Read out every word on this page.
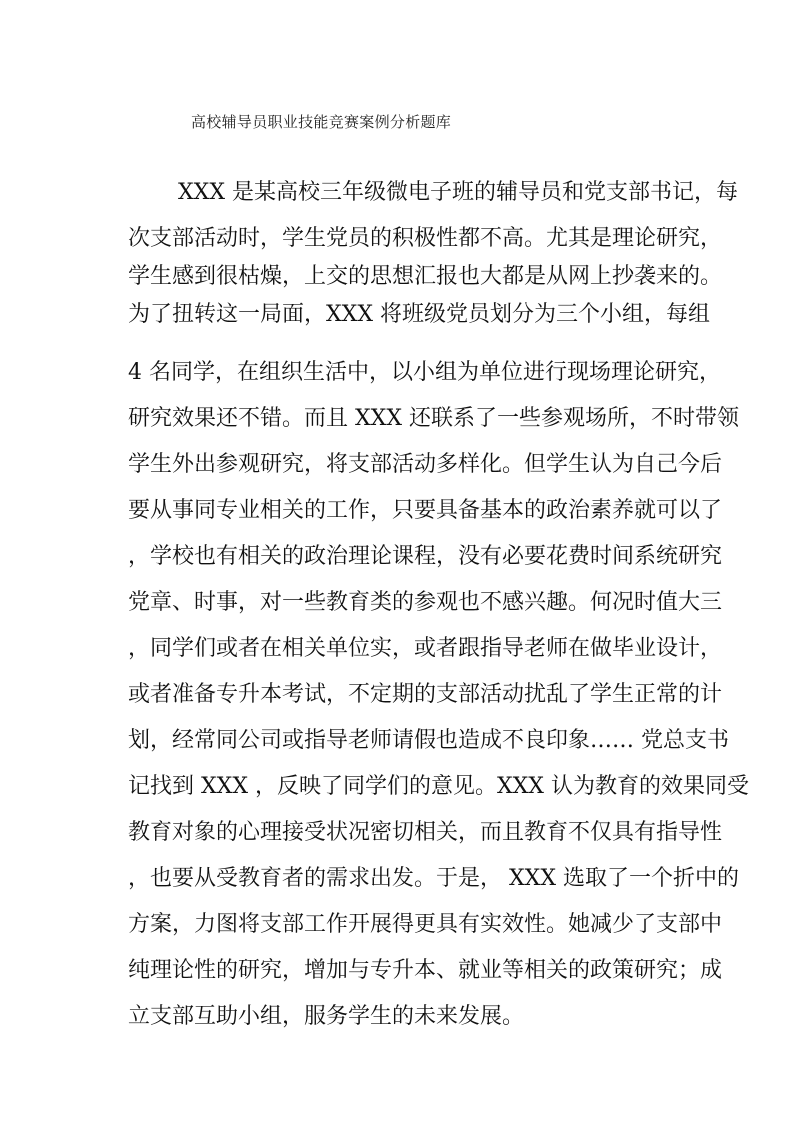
高校辅导员职业技能竞赛案例分析题库
XXX 是某高校三年级微电子班的辅导员和党支部书记，每
次支部活动时，学生党员的积极性都不高。尤其是理论研究，
学生感到很枯燥，上交的思想汇报也大都是从网上抄袭来的。
为了扭转这一局面，XXX 将班级党员划分为三个小组，每组
4 名同学，在组织生活中，以小组为单位进行现场理论研究，
研究效果还不错。而且 XXX 还联系了一些参观场所，不时带领
学生外出参观研究，将支部活动多样化。但学生认为自己今后
要从事同专业相关的工作，只要具备基本的政治素养就可以了
，学校也有相关的政治理论课程，没有必要花费时间系统研究
党章、时事，对一些教育类的参观也不感兴趣。何况时值大三
，同学们或者在相关单位实，或者跟指导老师在做毕业设计，
或者准备专升本考试，不定期的支部活动扰乱了学生正常的计
划，经常同公司或指导老师请假也造成不良印象…… 党总支书
记找到 XXX ，反映了同学们的意见。XXX 认为教育的效果同受
教育对象的心理接受状况密切相关，而且教育不仅具有指导性
，也要从受教育者的需求出发。于是， XXX 选取了一个折中的
方案，力图将支部工作开展得更具有实效性。她减少了支部中
纯理论性的研究，增加与专升本、就业等相关的政策研究；成
立支部互助小组，服务学生的未来发展。
